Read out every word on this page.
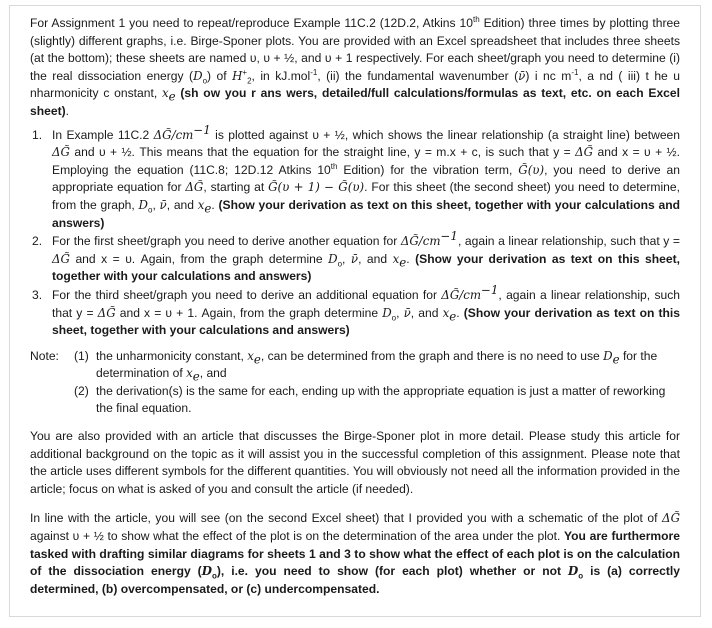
For Assignment 1 you need to repeat/reproduce Example 11C.2 (12D.2, Atkins 10th Edition) three times by plotting three (slightly) different graphs, i.e. Birge-Sponer plots. You are provided with an Excel spreadsheet that includes three sheets (at the bottom); these sheets are named υ, υ + ½, and υ + 1 respectively. For each sheet/graph you need to determine (i) the real dissociation energy $(D_o)$ of $H^+_2$, in kJ.mol$^{-1}$, (ii) the fundamental wavenumber (ν̄) i nc $m^{-1}$, a nd ( iii) t he u nharmonicity c onstant, $x_e$ (sh ow you r ans wers, detailed/full calculations/formulas as text, etc. on each Excel sheet).

1. In Example 11C.2 $\Delta G̃/cm^{-1}$ is plotted against υ + ½, which shows the linear relationship (a straight line) between ΔG̃ and υ + ½. This means that the equation for the straight line, y = m.x + c, is such that y = ΔG̃ and x = υ + ½. Employing the equation (11C.8; 12D.12 Atkins 10th Edition) for the vibration term, G̃(υ), you need to derive an appropriate equation for ΔG̃, starting at G̃(υ + 1) − G̃(υ). For this sheet (the second sheet) you need to determine, from the graph, $D_o$, ν̄, and $x_e$. (Show your derivation as text on this sheet, together with your calculations and answers)
2. For the first sheet/graph you need to derive another equation for $\Delta G̃/cm^{-1}$, again a linear relationship, such that y = ΔG̃ and x = υ. Again, from the graph determine $D_o$, ν̄, and $x_e$. (Show your derivation as text on this sheet, together with your calculations and answers)
3. For the third sheet/graph you need to derive an additional equation for $\Delta G̃/cm^{-1}$, again a linear relationship, such that y = ΔG̃ and x = υ + 1. Again, from the graph determine $D_o$, ν̄, and $x_e$. (Show your derivation as text on this sheet, together with your calculations and answers)
Note:	(1) the unharmonicity constant, $x_e$, can be determined from the graph and there is no need to use $D_e$ for the determination of $x_e$, and
(2) the derivation(s) is the same for each, ending up with the appropriate equation is just a matter of reworking the final equation.

You are also provided with an article that discusses the Birge-Sponer plot in more detail. Please study this article for additional background on the topic as it will assist you in the successful completion of this assignment. Please note that the article uses different symbols for the different quantities. You will obviously not need all the information provided in the article; focus on what is asked of you and consult the article (if needed).

In line with the article, you will see (on the second Excel sheet) that I provided you with a schematic of the plot of ΔG̃ against υ + ½ to show what the effect of the plot is on the determination of the area under the plot. You are furthermore tasked with drafting similar diagrams for sheets 1 and 3 to show what the effect of each plot is on the calculation of the dissociation energy $(D_o)$, i.e. you need to show (for each plot) whether or not $D_o$ is (a) correctly determined, (b) overcompensated, or (c) undercompensated.
